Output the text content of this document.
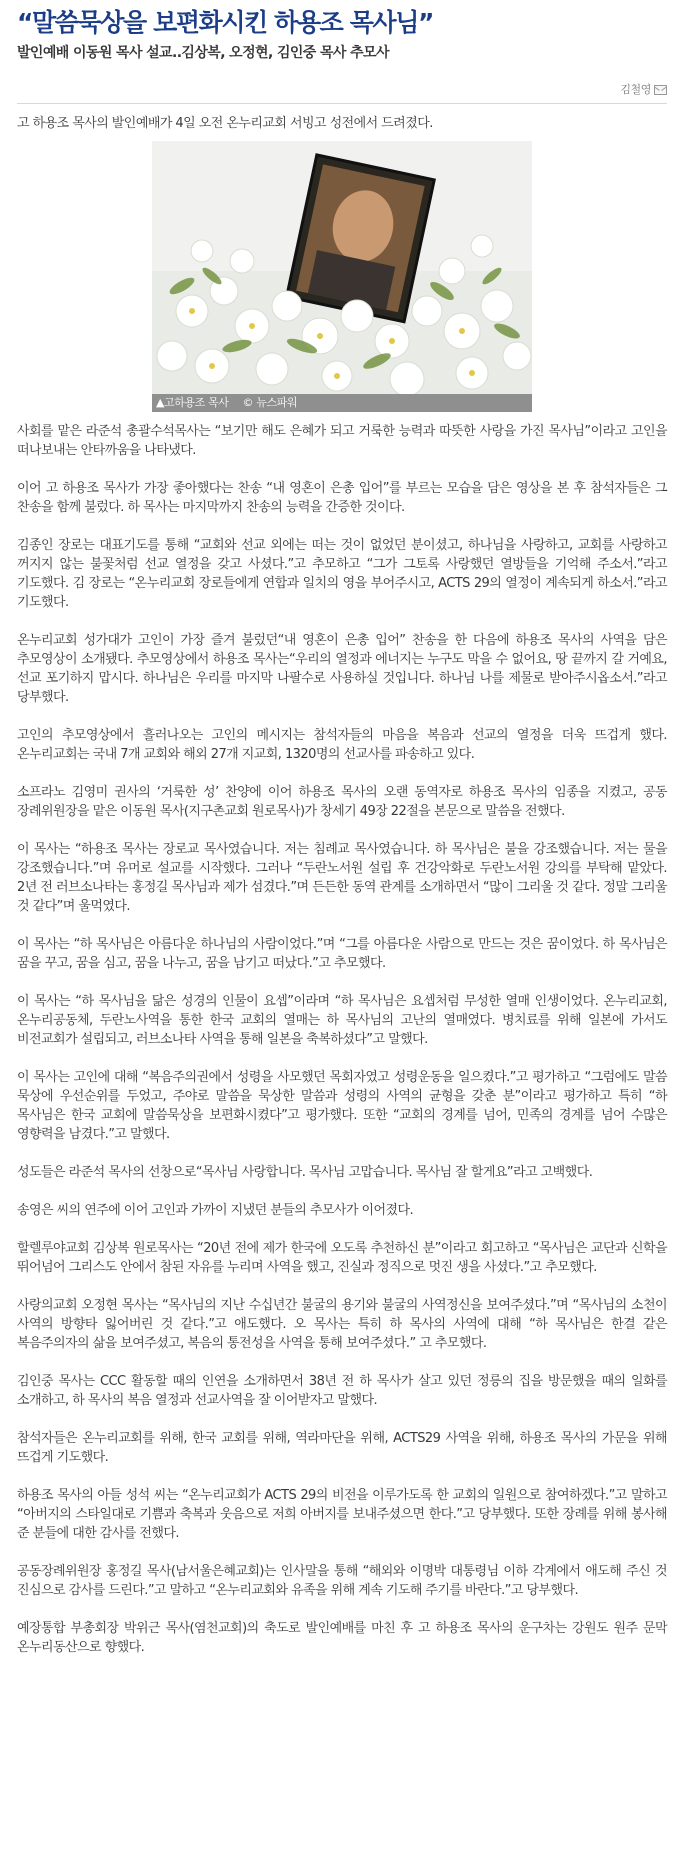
“말씀묵상을 보편화시킨 하용조 목사님”

발인예배 이동원 목사 설교..김상복, 오정현, 김인중 목사 추모사

김철영

고 하용조 목사의 발인예배가 4일 오전 온누리교회 서빙고 성전에서 드려졌다.

▲고하용조 목사 © 뉴스파워

사회를 맡은 라준석 총괄수석목사는 “보기만 해도 은혜가 되고 거룩한 능력과 따뜻한 사랑을 가진 목사님”이라고 고인을 떠나보내는 안타까움을 나타냈다.

이어 고 하용조 목사가 가장 좋아했다는 찬송 “내 영혼이 은총 입어”를 부르는 모습을 담은 영상을 본 후 참석자들은 그 찬송을 함께 불렀다. 하 목사는 마지막까지 찬송의 능력을 간증한 것이다.

김종인 장로는 대표기도를 통해 “교회와 선교 외에는 떠는 것이 없었던 분이셨고, 하나님을 사랑하고, 교회를 사랑하고 꺼지지 않는 불꽃처럼 선교 열정을 갖고 사셨다.”고 추모하고 “그가 그토록 사랑했던 열방들을 기억해 주소서.”라고 기도했다. 김 장로는 “온누리교회 장로들에게 연합과 일치의 영을 부어주시고, ACTS 29의 열정이 계속되게 하소서.”라고 기도했다.

온누리교회 성가대가 고인이 가장 즐겨 불렀던“내 영혼이 은총 입어” 찬송을 한 다음에 하용조 목사의 사역을 담은 추모영상이 소개됐다. 추모영상에서 하용조 목사는“우리의 열정과 에너지는 누구도 막을 수 없어요, 땅 끝까지 갈 거예요, 선교 포기하지 맙시다. 하나님은 우리를 마지막 나팔수로 사용하실 것입니다. 하나님 나를 제물로 받아주시옵소서.”라고 당부했다.

고인의 추모영상에서 흘러나오는 고인의 메시지는 참석자들의 마음을 복음과 선교의 열정을 더욱 뜨겁게 했다. 온누리교회는 국내 7개 교회와 해외 27개 지교회, 1320명의 선교사를 파송하고 있다.

소프라노 김영미 권사의 ‘거룩한 성’ 찬양에 이어 하용조 목사의 오랜 동역자로 하용조 목사의 임종을 지켰고, 공동 장례위원장을 맡은 이동원 목사(지구촌교회 원로목사)가 창세기 49장 22절을 본문으로 말씀을 전했다.

이 목사는 “하용조 목사는 장로교 목사였습니다. 저는 침례교 목사였습니다. 하 목사님은 불을 강조했습니다. 저는 물을 강조했습니다.”며 유머로 설교를 시작했다. 그러나 “두란노서원 설립 후 건강악화로 두란노서원 강의를 부탁해 맡았다. 2년 전 러브소나타는 홍정길 목사님과 제가 섬겼다.”며 든든한 동역 관계를 소개하면서 “많이 그리울 것 같다. 정말 그리울 것 같다”며 울먹였다.

이 목사는 “하 목사님은 아름다운 하나님의 사람이었다.”며 “그를 아름다운 사람으로 만드는 것은 꿈이었다. 하 목사님은 꿈을 꾸고, 꿈을 심고, 꿈을 나누고, 꿈을 남기고 떠났다.”고 추모했다.

이 목사는 “하 목사님을 닮은 성경의 인물이 요셉”이라며 “하 목사님은 요셉처럼 무성한 열매 인생이었다. 온누리교회, 온누리공동체, 두란노사역을 통한 한국 교회의 열매는 하 목사님의 고난의 열매였다. 병치료를 위해 일본에 가서도 비전교회가 설립되고, 러브소나타 사역을 통해 일본을 축복하셨다”고 말했다.

이 목사는 고인에 대해 “복음주의권에서 성령을 사모했던 목회자였고 성령운동을 일으켰다.”고 평가하고 “그럼에도 말씀 묵상에 우선순위를 두었고, 주야로 말씀을 묵상한 말씀과 성령의 사역의 균형을 갖춘 분”이라고 평가하고 특히 “하 목사님은 한국 교회에 말씀묵상을 보편화시켰다”고 평가했다. 또한 “교회의 경계를 넘어, 민족의 경계를 넘어 수많은 영향력을 남겼다.”고 말했다.

성도들은 라준석 목사의 선창으로“목사님 사랑합니다. 목사님 고맙습니다. 목사님 잘 할게요”라고 고백했다.

송영은 씨의 연주에 이어 고인과 가까이 지냈던 분들의 추모사가 이어졌다.

할렐루야교회 김상복 원로목사는 “20년 전에 제가 한국에 오도록 추천하신 분”이라고 회고하고 “목사님은 교단과 신학을 뛰어넘어 그리스도 안에서 참된 자유를 누리며 사역을 했고, 진실과 정직으로 멋진 생을 사셨다.”고 추모했다.

사랑의교회 오정현 목사는 “목사님의 지난 수십년간 불굴의 용기와 불굴의 사역정신을 보여주셨다.”며 “목사님의 소천이 사역의 방향타 잃어버린 것 같다.”고 애도했다. 오 목사는 특히 하 목사의 사역에 대해 “하 목사님은 한결 같은 복음주의자의 삶을 보여주셨고, 복음의 통전성을 사역을 통해 보여주셨다.” 고 추모했다.

김인중 목사는 CCC 활동할 때의 인연을 소개하면서 38년 전 하 목사가 살고 있던 정릉의 집을 방문했을 때의 일화를 소개하고, 하 목사의 복음 열정과 선교사역을 잘 이어받자고 말했다.

참석자들은 온누리교회를 위해, 한국 교회를 위해, 역라마단을 위해, ACTS29 사역을 위해, 하용조 목사의 가문을 위해 뜨겁게 기도했다.

하용조 목사의 아들 성석 씨는 “온누리교회가 ACTS 29의 비전을 이루가도록 한 교회의 일원으로 참여하겠다.”고 말하고 “아버지의 스타일대로 기쁨과 축복과 웃음으로 저희 아버지를 보내주셨으면 한다.”고 당부했다. 또한 장례를 위해 봉사해 준 분들에 대한 감사를 전했다.

공동장례위원장 홍정길 목사(남서울은혜교회)는 인사말을 통해 “해외와 이명박 대통령님 이하 각계에서 애도해 주신 것 진심으로 감사를 드린다.”고 말하고 “온누리교회와 유족을 위해 계속 기도해 주기를 바란다.”고 당부했다.

예장통합 부총회장 박위근 목사(염천교회)의 축도로 발인예배를 마친 후 고 하용조 목사의 운구차는 강원도 원주 문막 온누리동산으로 향했다.
